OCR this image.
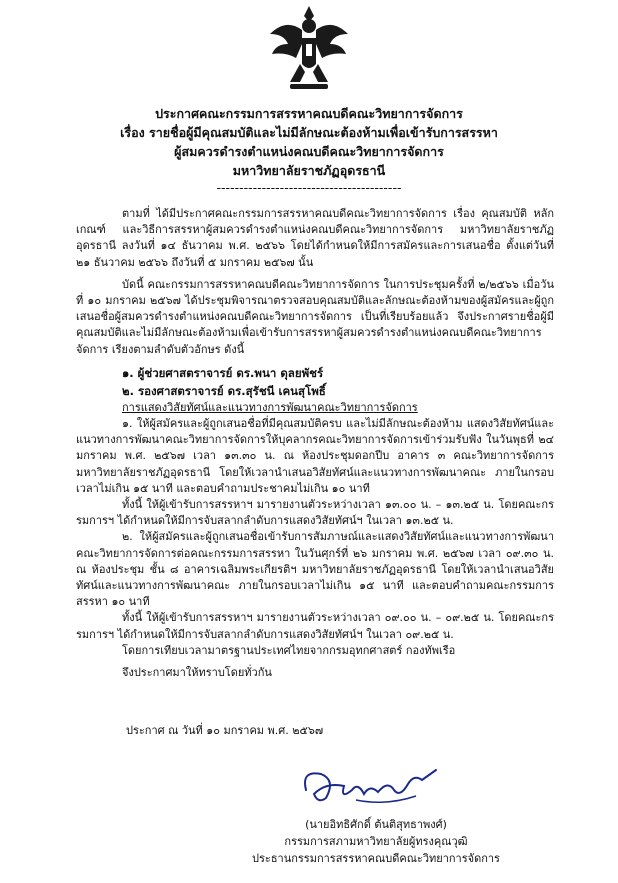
ประกาศคณะกรรมการสรรหาคณบดีคณะวิทยาการจัดการ
เรื่อง รายชื่อผู้มีคุณสมบัติและไม่มีลักษณะต้องห้ามเพื่อเข้ารับการสรรหา
ผู้สมควรดำรงตำแหน่งคณบดีคณะวิทยาการจัดการ
มหาวิทยาลัยราชภัฏอุดรธานี
-----------------------------------------

ตามที่ ได้มีประกาศคณะกรรมการสรรหาคณบดีคณะวิทยาการจัดการ เรื่อง คุณสมบัติ หลักเกณฑ์ และวิธีการสรรหาผู้สมควรดำรงตำแหน่งคณบดีคณะวิทยาการจัดการ มหาวิทยาลัยราชภัฏอุดรธานี ลงวันที่ ๑๔ ธันวาคม พ.ศ. ๒๕๖๖ โดยได้กำหนดให้มีการสมัครและการเสนอชื่อ ตั้งแต่วันที่ ๒๑ ธันวาคม ๒๕๖๖ ถึงวันที่ ๕ มกราคม ๒๕๖๗ นั้น

บัดนี้ คณะกรรมการสรรหาคณบดีคณะวิทยาการจัดการ ในการประชุมครั้งที่ ๒/๒๕๖๖ เมื่อวันที่ ๑๐ มกราคม ๒๕๖๗ ได้ประชุมพิจารณาตรวจสอบคุณสมบัติและลักษณะต้องห้ามของผู้สมัครและผู้ถูกเสนอชื่อผู้สมควรดำรงตำแหน่งคณบดีคณะวิทยาการจัดการ เป็นที่เรียบร้อยแล้ว จึงประกาศรายชื่อผู้มีคุณสมบัติและไม่มีลักษณะต้องห้ามเพื่อเข้ารับการสรรหาผู้สมควรดำรงตำแหน่งคณบดีคณะวิทยาการจัดการ เรียงตามลำดับตัวอักษร ดังนี้

๑. ผู้ช่วยศาสตราจารย์ ดร.พนา ดุลยพัชร์
๒. รองศาสตราจารย์ ดร.สุรัชนี เคนสุโพธิ์
การแสดงวิสัยทัศน์และแนวทางการพัฒนาคณะวิทยาการจัดการ

๑. ให้ผู้สมัครและผู้ถูกเสนอชื่อที่มีคุณสมบัติครบ และไม่มีลักษณะต้องห้าม แสดงวิสัยทัศน์และแนวทางการพัฒนาคณะวิทยาการจัดการให้บุคลากรคณะวิทยาการจัดการเข้าร่วมรับฟัง ในวันพุธที่ ๒๔ มกราคม พ.ศ. ๒๕๖๗ เวลา ๑๓.๓๐ น. ณ ห้องประชุมดอกปีบ อาคาร ๓ คณะวิทยาการจัดการ มหาวิทยาลัยราชภัฏอุดรธานี โดยให้เวลานำเสนอวิสัยทัศน์และแนวทางการพัฒนาคณะ ภายในกรอบเวลาไม่เกิน ๑๕ นาที และตอบคำถามประชาคมไม่เกิน ๑๐ นาที

ทั้งนี้ ให้ผู้เข้ารับการสรรหาฯ มารายงานตัวระหว่างเวลา ๑๓.๐๐ น. – ๑๓.๒๕ น. โดยคณะกรรมการฯ ได้กำหนดให้มีการจับสลากลำดับการแสดงวิสัยทัศน์ฯ ในเวลา ๑๓.๒๕ น.

๒. ให้ผู้สมัครและผู้ถูกเสนอชื่อเข้ารับการสัมภาษณ์และแสดงวิสัยทัศน์และแนวทางการพัฒนาคณะวิทยาการจัดการต่อคณะกรรมการสรรหา ในวันศุกร์ที่ ๒๖ มกราคม พ.ศ. ๒๕๖๗ เวลา ๐๙.๓๐ น. ณ ห้องประชุม ชั้น ๘ อาคารเฉลิมพระเกียรติฯ มหาวิทยาลัยราชภัฏอุดรธานี โดยให้เวลานำเสนอวิสัยทัศน์และแนวทางการพัฒนาคณะ ภายในกรอบเวลาไม่เกิน ๑๕ นาที และตอบคำถามคณะกรรมการสรรหา ๑๐ นาที

ทั้งนี้ ให้ผู้เข้ารับการสรรหาฯ มารายงานตัวระหว่างเวลา ๐๙.๐๐ น. – ๐๙.๒๕ น. โดยคณะกรรมการฯ ได้กำหนดให้มีการจับสลากลำดับการแสดงวิสัยทัศน์ฯ ในเวลา ๐๙.๒๕ น.

โดยการเทียบเวลามาตรฐานประเทศไทยจากกรมอุทกศาสตร์ กองทัพเรือ

จึงประกาศมาให้ทราบโดยทั่วกัน

ประกาศ ณ วันที่ ๑๐ มกราคม พ.ศ. ๒๕๖๗
(นายอิทธิศักดิ์ ต้นติสุทธาพงศ์)
กรรมการสภามหาวิทยาลัยผู้ทรงคุณวุฒิ
ประธานกรรมการสรรหาคณบดีคณะวิทยาการจัดการ
